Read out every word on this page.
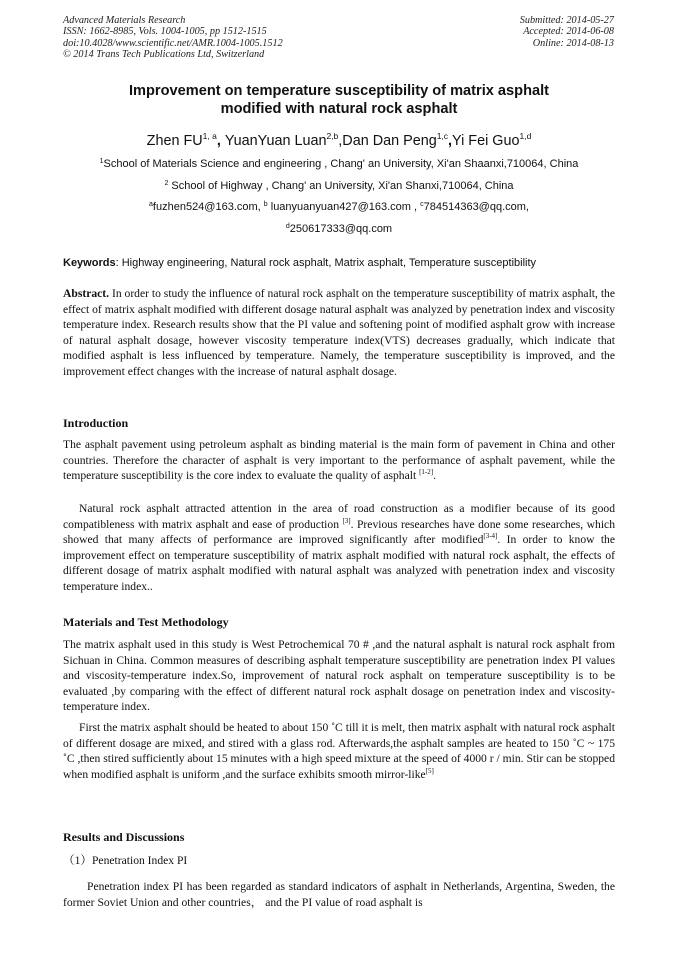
Advanced Materials Research
ISSN: 1662-8985, Vols. 1004-1005, pp 1512-1515
doi:10.4028/www.scientific.net/AMR.1004-1005.1512
© 2014 Trans Tech Publications Ltd, Switzerland
Submitted: 2014-05-27
Accepted: 2014-06-08
Online: 2014-08-13
Improvement on temperature susceptibility of matrix asphalt
modified with natural rock asphalt
Zhen FU$^{1, a}$, YuanYuan Luan$^{2,b}$,Dan Dan Peng$^{1,c}$,Yi Fei Guo$^{1,d}$
$^1$School of Materials Science and engineering , Chang' an University, Xi'an Shaanxi,710064, China
$^2$ School of Highway , Chang' an University, Xi'an Shanxi,710064, China
$^a$fuzhen524@163.com, $^b$ luanyuanyuan427@163.com , $^c$784514363@qq.com,
$^d$250617333@qq.com
Keywords: Highway engineering, Natural rock asphalt, Matrix asphalt, Temperature susceptibility

Abstract. In order to study the influence of natural rock asphalt on the temperature susceptibility of matrix asphalt, the effect of matrix asphalt modified with different dosage natural asphalt was analyzed by penetration index and viscosity temperature index. Research results show that the PI value and softening point of modified asphalt grow with increase of natural asphalt dosage, however viscosity temperature index(VTS) decreases gradually, which indicate that modified asphalt is less influenced by temperature. Namely, the temperature susceptibility is improved, and the improvement effect changes with the increase of natural asphalt dosage.

Introduction

The asphalt pavement using petroleum asphalt as binding material is the main form of pavement in China and other countries. Therefore the character of asphalt is very important to the performance of asphalt pavement, while the temperature susceptibility is the core index to evaluate the quality of asphalt [1-2].

Natural rock asphalt attracted attention in the area of road construction as a modifier because of its good compatibleness with matrix asphalt and ease of production [3]. Previous researches have done some researches, which showed that many affects of performance are improved significantly after modified[3-4]. In order to know the improvement effect on temperature susceptibility of matrix asphalt modified with natural rock asphalt, the effects of different dosage of matrix asphalt modified with natural asphalt was analyzed with penetration index and viscosity temperature index..

Materials and Test Methodology

The matrix asphalt used in this study is West Petrochemical 70 # ,and the natural asphalt is natural rock asphalt from Sichuan in China. Common measures of describing asphalt temperature susceptibility are penetration index PI values and viscosity-temperature index.So, improvement of natural rock asphalt on temperature susceptibility is to be evaluated ,by comparing with the effect of different natural rock asphalt dosage on penetration index and viscosity-temperature index.

First the matrix asphalt should be heated to about 150 ˚C till it is melt, then matrix asphalt with natural rock asphalt of different dosage are mixed, and stired with a glass rod. Afterwards,the asphalt samples are heated to 150 ˚C ~ 175 ˚C ,then stired sufficiently about 15 minutes with a high speed mixture at the speed of 4000 r / min. Stir can be stopped when modified asphalt is uniform ,and the surface exhibits smooth mirror-like[5]

Results and Discussions
（1）Penetration Index PI

Penetration index PI has been regarded as standard indicators of asphalt in Netherlands, Argentina, Sweden, the former Soviet Union and other countries， and the PI value of road asphalt is
